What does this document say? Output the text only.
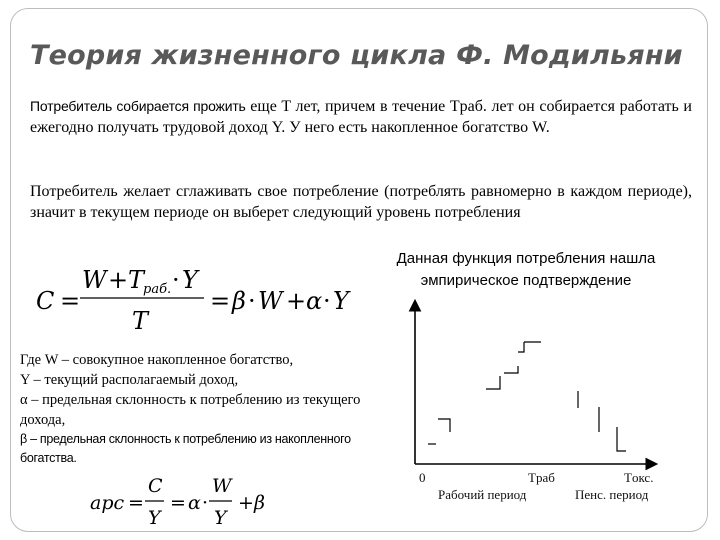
Теория жизненного цикла Ф. Модильяни
Потребитель собирается прожить еще T лет, причем в течение Tраб. лет он собирается работать и ежегодно получать трудовой доход Y. У него есть накопленное богатство W.
Потребитель желает сглаживать свое потребление (потреблять равномерно в каждом периоде), значит в текущем периоде он выберет следующий уровень потребления
Данная функция потребления нашла
эмпирическое подтверждение
C =
W + T
раб. · Y
T
= β · W + α · Y
Где W – совокупное накопленное богатство,
Y – текущий располагаемый доход,
α – предельная склонность к потреблению из текущего дохода,
β – предельная склонность к потреблению из накопленного богатства.
apc =
C
Y
= α ·
W
Y
+ β
0	Tраб	Tокс.
Рабочий период	Пенс. период
